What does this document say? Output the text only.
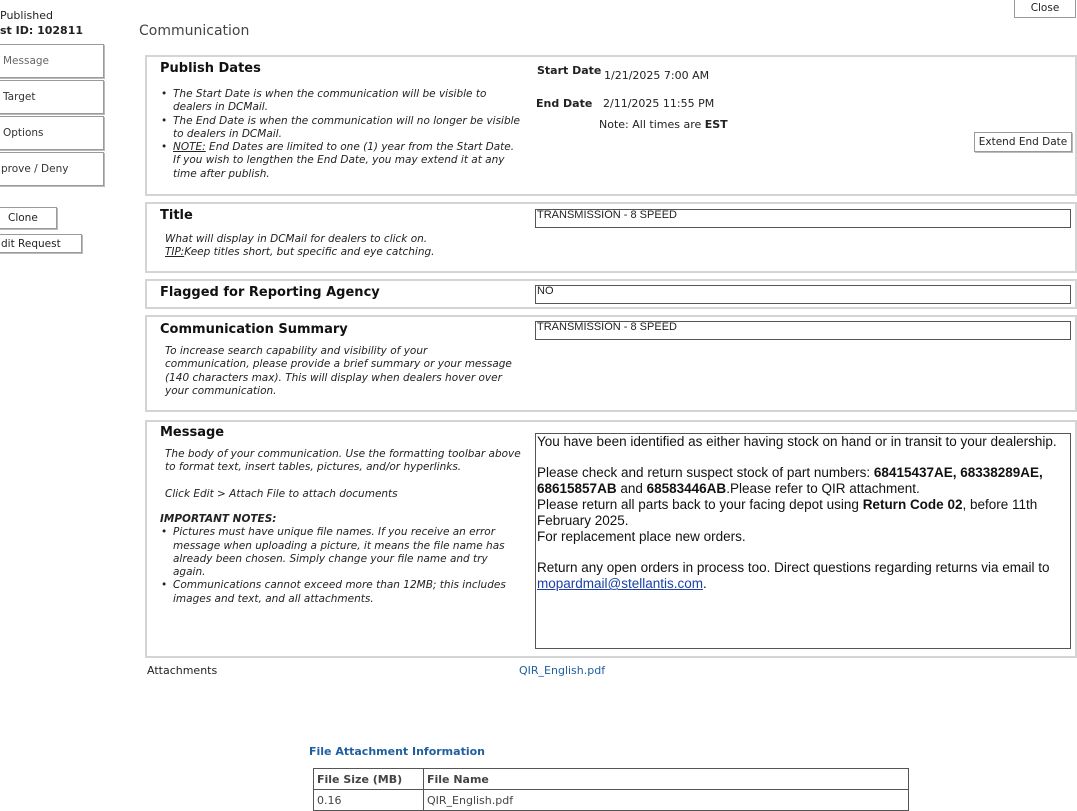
Published
st ID: 102811
Message
Target
Options
prove / Deny
Clone
dit Request
Communication
Close
Publish Dates
• The Start Date is when the communication will be visible to dealers in DCMail.
• The End Date is when the communication will no longer be visible to dealers in DCMail.
• NOTE: End Dates are limited to one (1) year from the Start Date. If you wish to lengthen the End Date, you may extend it at any time after publish.
Start Date 1/21/2025 7:00 AM
End Date 2/11/2025 11:55 PM
Note: All times are EST
Extend End Date
Title	TRANSMISSION - 8 SPEED
What will display in DCMail for dealers to click on.
TIP:Keep titles short, but specific and eye catching.
Flagged for Reporting Agency	NO
Communication Summary	TRANSMISSION - 8 SPEED
To increase search capability and visibility of your communication, please provide a brief summary or your message (140 characters max). This will display when dealers hover over your communication.
Message
The body of your communication. Use the formatting toolbar above to format text, insert tables, pictures, and/or hyperlinks.
Click Edit > Attach File to attach documents
IMPORTANT NOTES:
• Pictures must have unique file names. If you receive an error message when uploading a picture, it means the file name has already been chosen. Simply change your file name and try again.
• Communications cannot exceed more than 12MB; this includes images and text, and all attachments.

You have been identified as either having stock on hand or in transit to your dealership.

Please check and return suspect stock of part numbers: 68415437AE, 68338289AE, 68615857AB and 68583446AB.Please refer to QIR attachment.

Please return all parts back to your facing depot using Return Code 02, before 11th February 2025.

For replacement place new orders.

Return any open orders in process too. Direct questions regarding returns via email to mopardmail@stellantis.com.

Attachments	QIR_English.pdf
File Attachment Information
File Size (MB)	File Name
0.16	QIR_English.pdf
